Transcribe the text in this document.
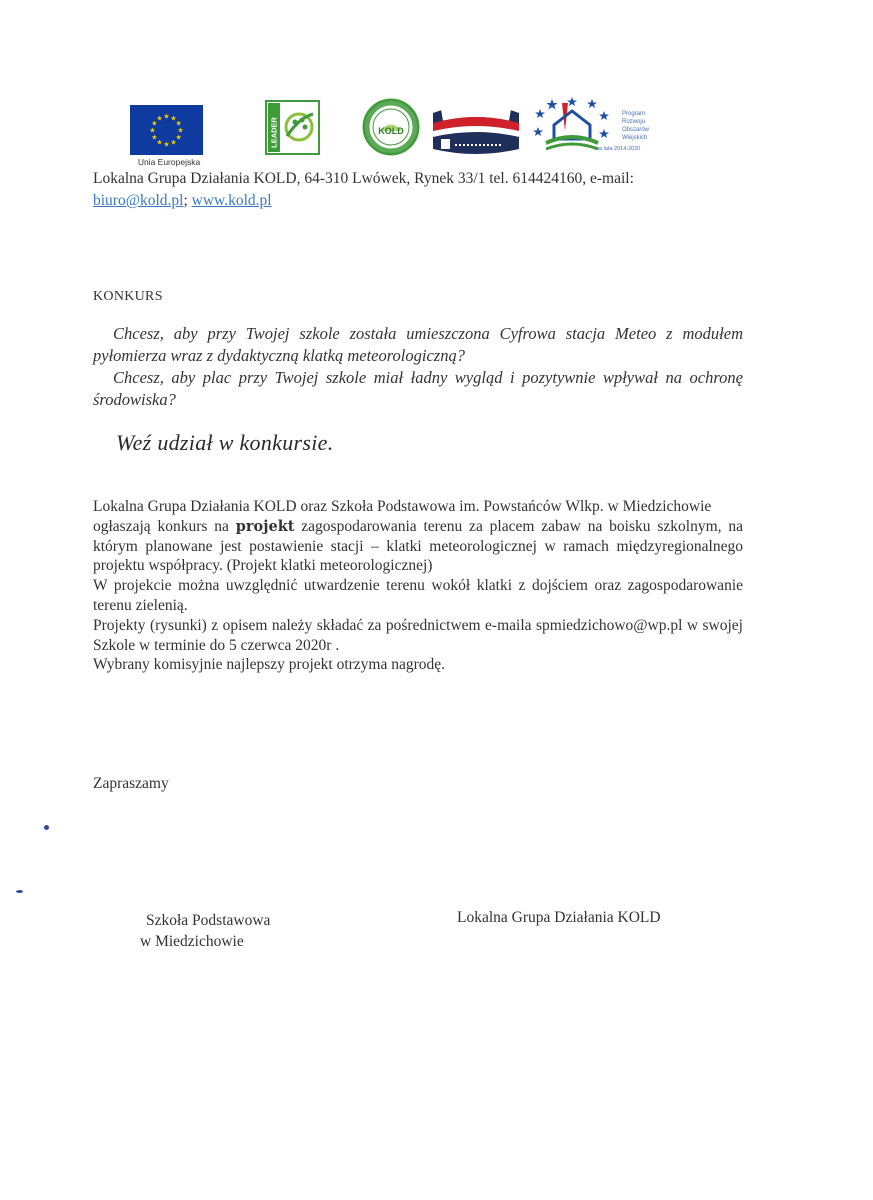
★
★
★
★
★
★
★
★
★ ★ ★
★
Unia Europejska
LEADER	KOLD
Program
Rozwoju
Obszarów
Wiejskich
na lata 2014-2020
Lokalna Grupa Działania KOLD, 64-310 Lwówek, Rynek 33/1 tel. 614424160, e-mail:
biuro@kold.pl; www.kold.pl
KONKURS
Chcesz, aby przy Twojej szkole została umieszczona Cyfrowa stacja Meteo z modułem pyłomierza wraz z dydaktyczną klatką meteorologiczną?
Chcesz, aby plac przy Twojej szkole miał ładny wygląd i pozytywnie wpływał na ochronę środowiska?
Weź udział w konkursie.

Lokalna Grupa Działania KOLD oraz Szkoła Podstawowa im. Powstańców Wlkp. w Miedzichowie

ogłaszają konkurs na projekt zagospodarowania terenu za placem zabaw na boisku szkolnym, na którym planowane jest postawienie stacji – klatki meteorologicznej w ramach międzyregionalnego projektu współpracy. (Projekt klatki meteorologicznej)

W projekcie można uwzględnić utwardzenie terenu wokół klatki z dojściem oraz zagospodarowanie terenu zielenią.

Projekty (rysunki) z opisem należy składać za pośrednictwem e-maila spmiedzichowo@wp.pl w swojej Szkole w terminie do 5 czerwca 2020r .

Wybrany komisyjnie najlepszy projekt otrzyma nagrodę.

Zapraszamy
Szkoła Podstawowa
w Miedzichowie
Lokalna Grupa Działania KOLD
